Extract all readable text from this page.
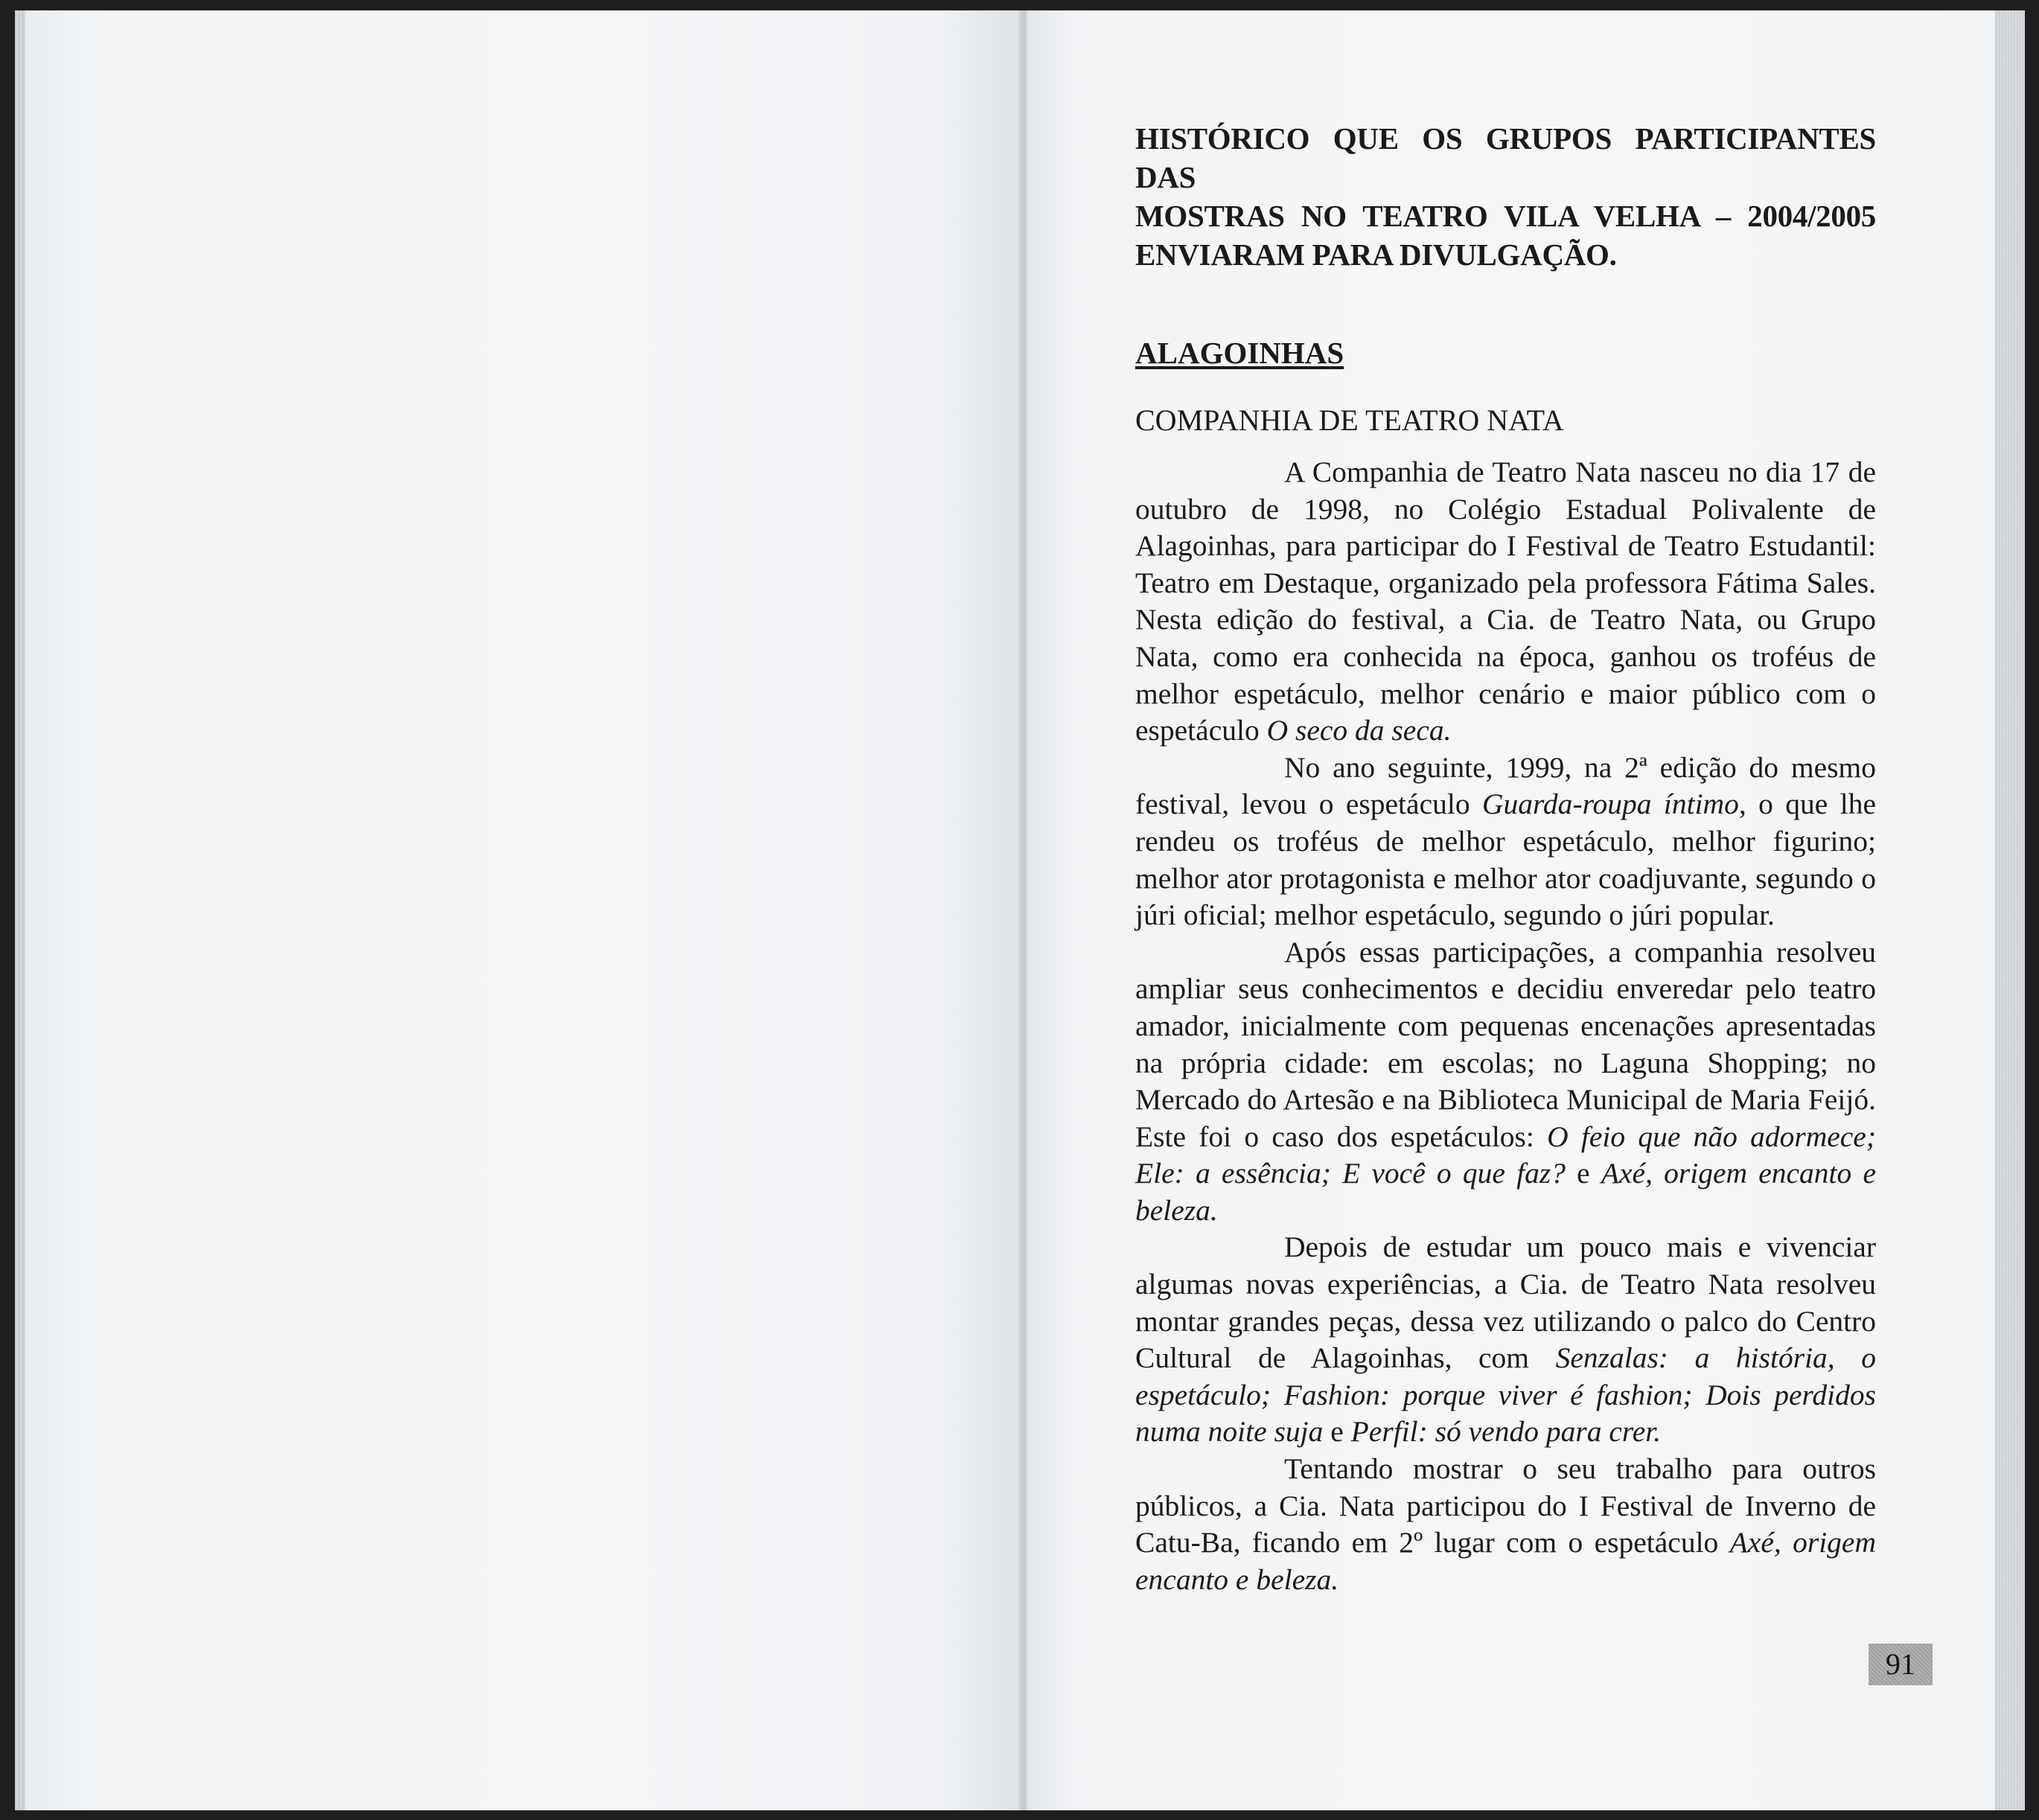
HISTÓRICO QUE OS GRUPOS PARTICIPANTES DAS
MOSTRAS NO TEATRO VILA VELHA – 2004/2005
ENVIARAM PARA DIVULGAÇÃO.
ALAGOINHAS
COMPANHIA DE TEATRO NATA

A Companhia de Teatro Nata nasceu no dia 17 de outubro de 1998, no Colégio Estadual Polivalente de Alagoinhas, para participar do I Festival de Teatro Estudantil: Teatro em Destaque, organizado pela professora Fátima Sales. Nesta edição do festival, a Cia. de Teatro Nata, ou Grupo Nata, como era conhecida na época, ganhou os troféus de melhor espetáculo, melhor cenário e maior público com o espetáculo O seco da seca.

No ano seguinte, 1999, na 2ª edição do mesmo festival, levou o espetáculo Guarda-roupa íntimo, o que lhe rendeu os troféus de melhor espetáculo, melhor figurino; melhor ator protagonista e melhor ator coadjuvante, segundo o júri oficial; melhor espetáculo, segundo o júri popular.

Após essas participações, a companhia resolveu ampliar seus conhecimentos e decidiu enveredar pelo teatro amador, inicialmente com pequenas encenações apresentadas na própria cidade: em escolas; no Laguna Shopping; no Mercado do Artesão e na Biblioteca Municipal de Maria Feijó. Este foi o caso dos espetáculos: O feio que não adormece; Ele: a essência; E você o que faz? e Axé, origem encanto e beleza.

Depois de estudar um pouco mais e vivenciar algumas novas experiências, a Cia. de Teatro Nata resolveu montar grandes peças, dessa vez utilizando o palco do Centro Cultural de Alagoinhas, com Senzalas: a história, o espetáculo; Fashion: porque viver é fashion; Dois perdidos numa noite suja e Perfil: só vendo para crer.

Tentando mostrar o seu trabalho para outros públicos, a Cia. Nata participou do I Festival de Inverno de Catu-Ba, ficando em 2º lugar com o espetáculo Axé, origem encanto e beleza.

91
